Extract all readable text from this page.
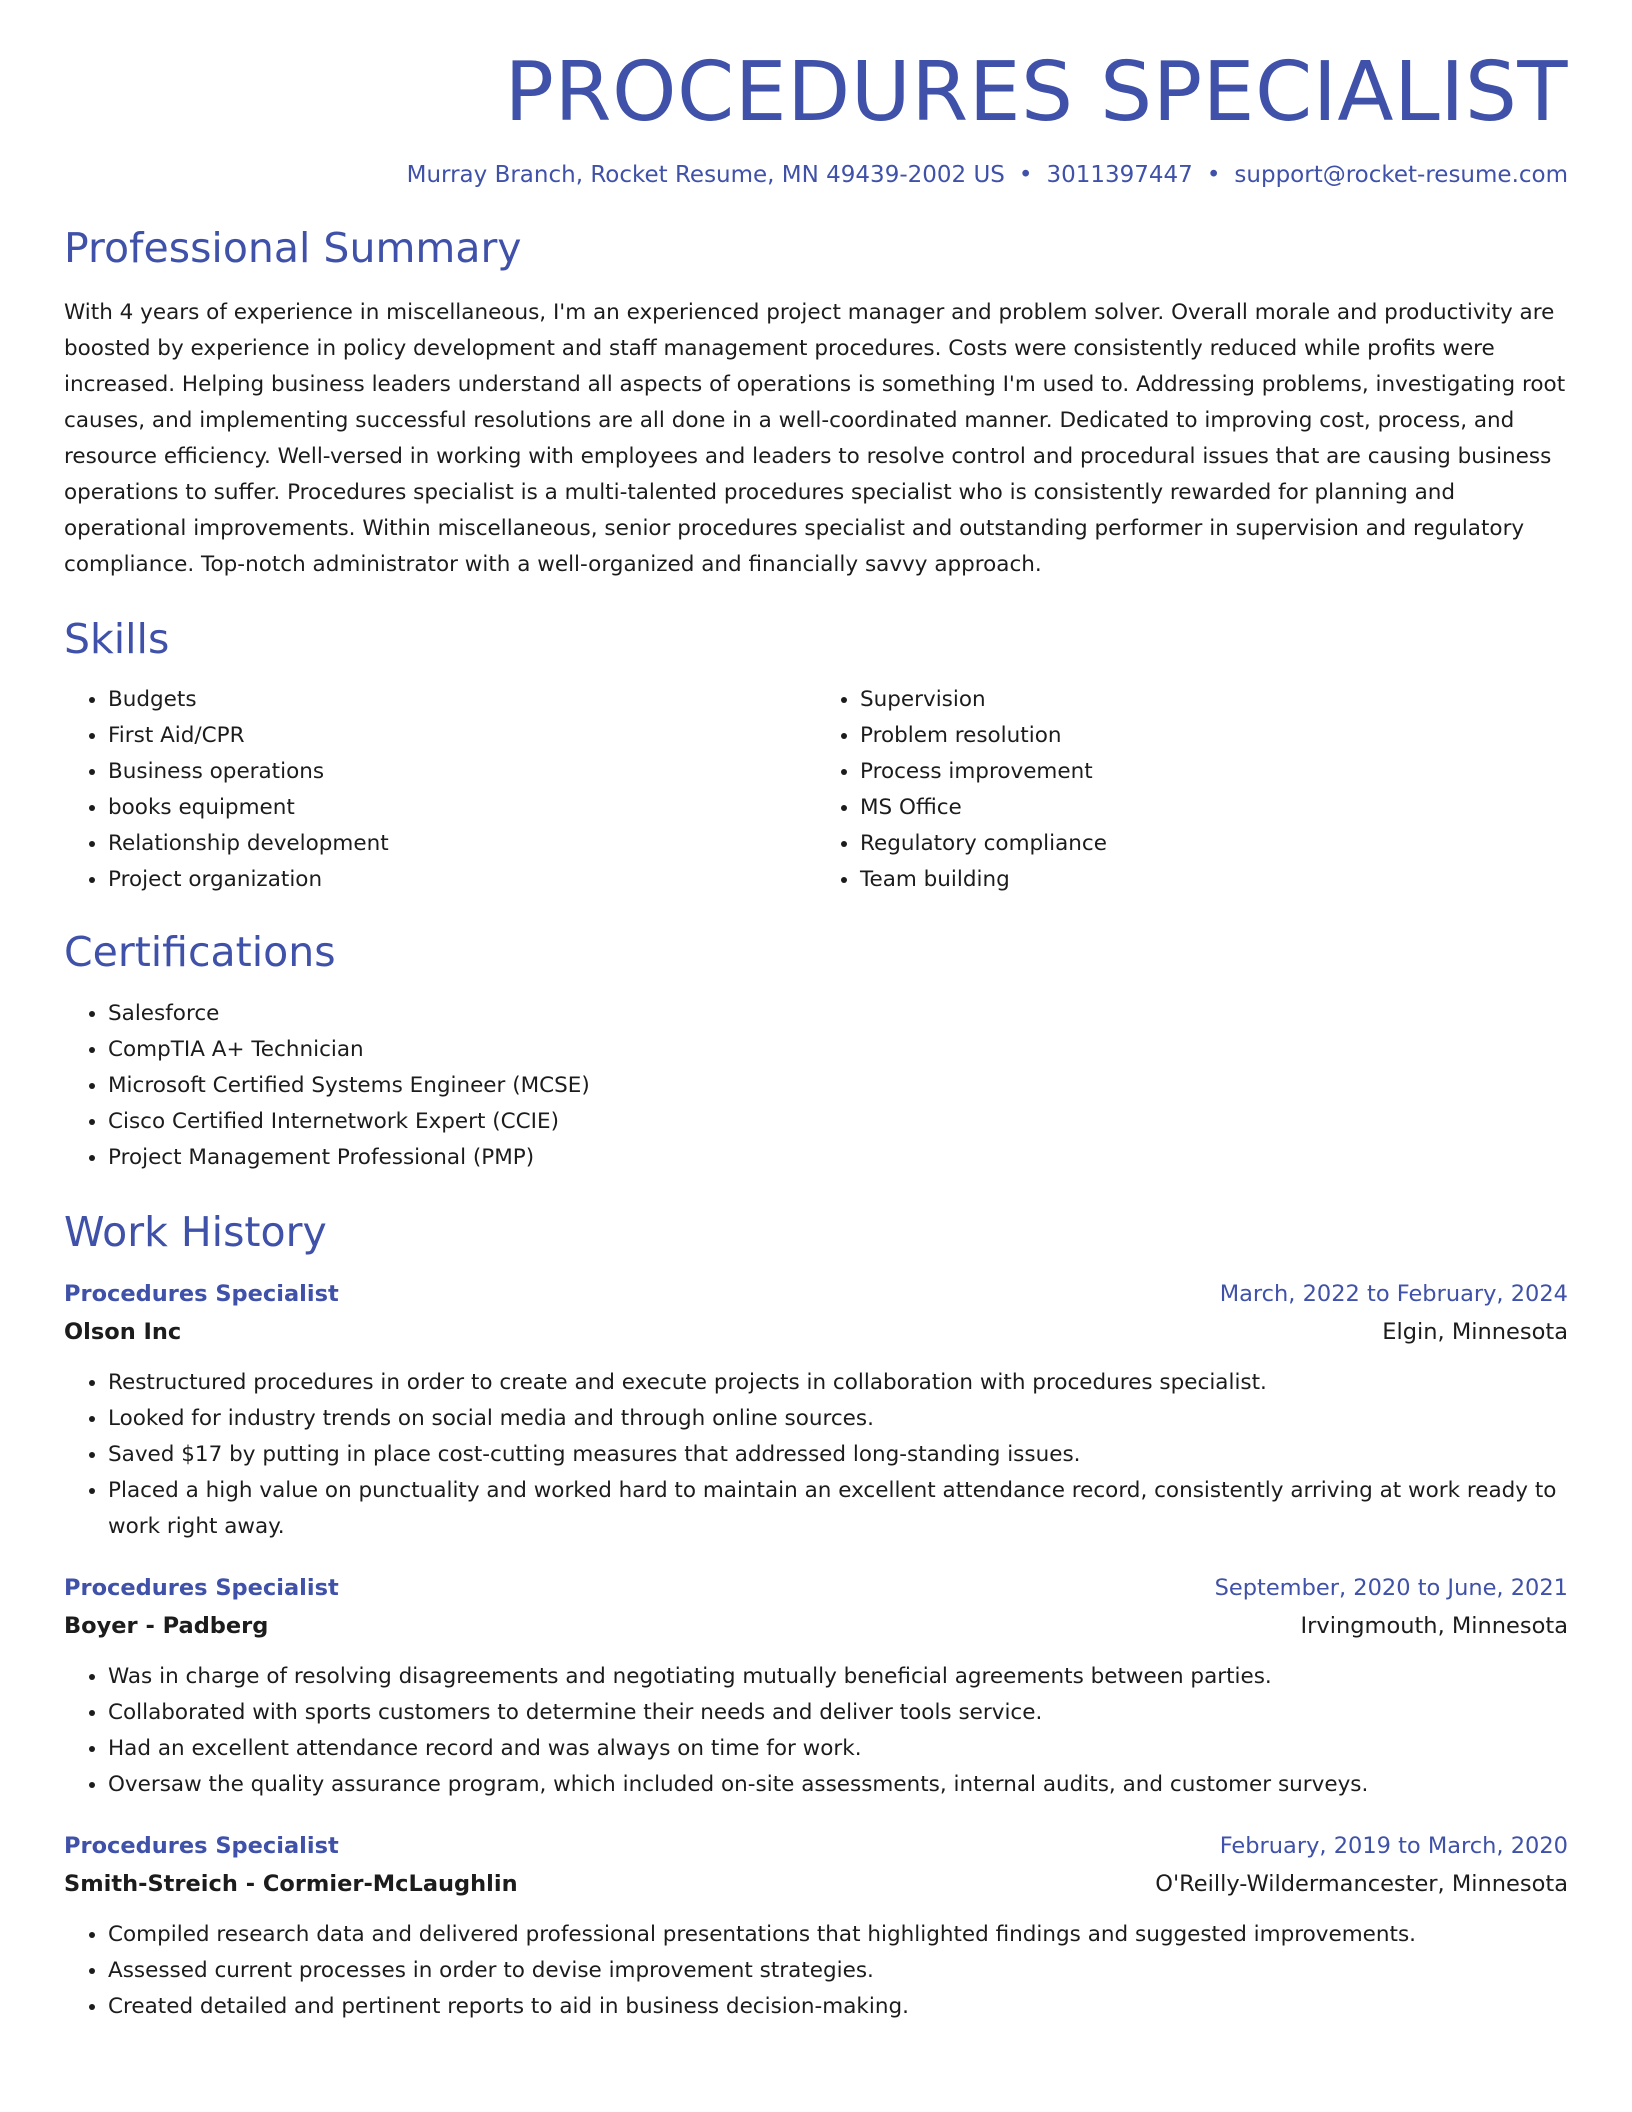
PROCEDURES SPECIALIST
Murray Branch, Rocket Resume, MN 49439-2002 US • 3011397447 • support@rocket-resume.com
Professional Summary

With 4 years of experience in miscellaneous, I'm an experienced project manager and problem solver. Overall morale and productivity are boosted by experience in policy development and staff management procedures. Costs were consistently reduced while profits were increased. Helping business leaders understand all aspects of operations is something I'm used to. Addressing problems, investigating root causes, and implementing successful resolutions are all done in a well-coordinated manner. Dedicated to improving cost, process, and resource efficiency. Well-versed in working with employees and leaders to resolve control and procedural issues that are causing business operations to suffer. Procedures specialist is a multi-talented procedures specialist who is consistently rewarded for planning and operational improvements. Within miscellaneous, senior procedures specialist and outstanding performer in supervision and regulatory compliance. Top-notch administrator with a well-organized and financially savvy approach.

Skills
• Budgets
• First Aid/CPR
• Business operations
• books equipment
• Relationship development
• Project organization
• Supervision
• Problem resolution
• Process improvement
• MS Office
• Regulatory compliance
• Team building
Certifications
• Salesforce
• CompTIA A+ Technician
• Microsoft Certified Systems Engineer (MCSE)
• Cisco Certified Internetwork Expert (CCIE)
• Project Management Professional (PMP)
Work History
Procedures Specialist	March, 2022 to February, 2024
Olson Inc	Elgin, Minnesota
• Restructured procedures in order to create and execute projects in collaboration with procedures specialist.
• Looked for industry trends on social media and through online sources.
• Saved $17 by putting in place cost-cutting measures that addressed long-standing issues.
• Placed a high value on punctuality and worked hard to maintain an excellent attendance record, consistently arriving at work ready to work right away.
Procedures Specialist	September, 2020 to June, 2021
Boyer - Padberg	Irvingmouth, Minnesota
• Was in charge of resolving disagreements and negotiating mutually beneficial agreements between parties.
• Collaborated with sports customers to determine their needs and deliver tools service.
• Had an excellent attendance record and was always on time for work.
• Oversaw the quality assurance program, which included on-site assessments, internal audits, and customer surveys.
Procedures Specialist	February, 2019 to March, 2020
Smith-Streich - Cormier-McLaughlin	O'Reilly-Wildermancester, Minnesota
• Compiled research data and delivered professional presentations that highlighted findings and suggested improvements.
• Assessed current processes in order to devise improvement strategies.
• Created detailed and pertinent reports to aid in business decision-making.
